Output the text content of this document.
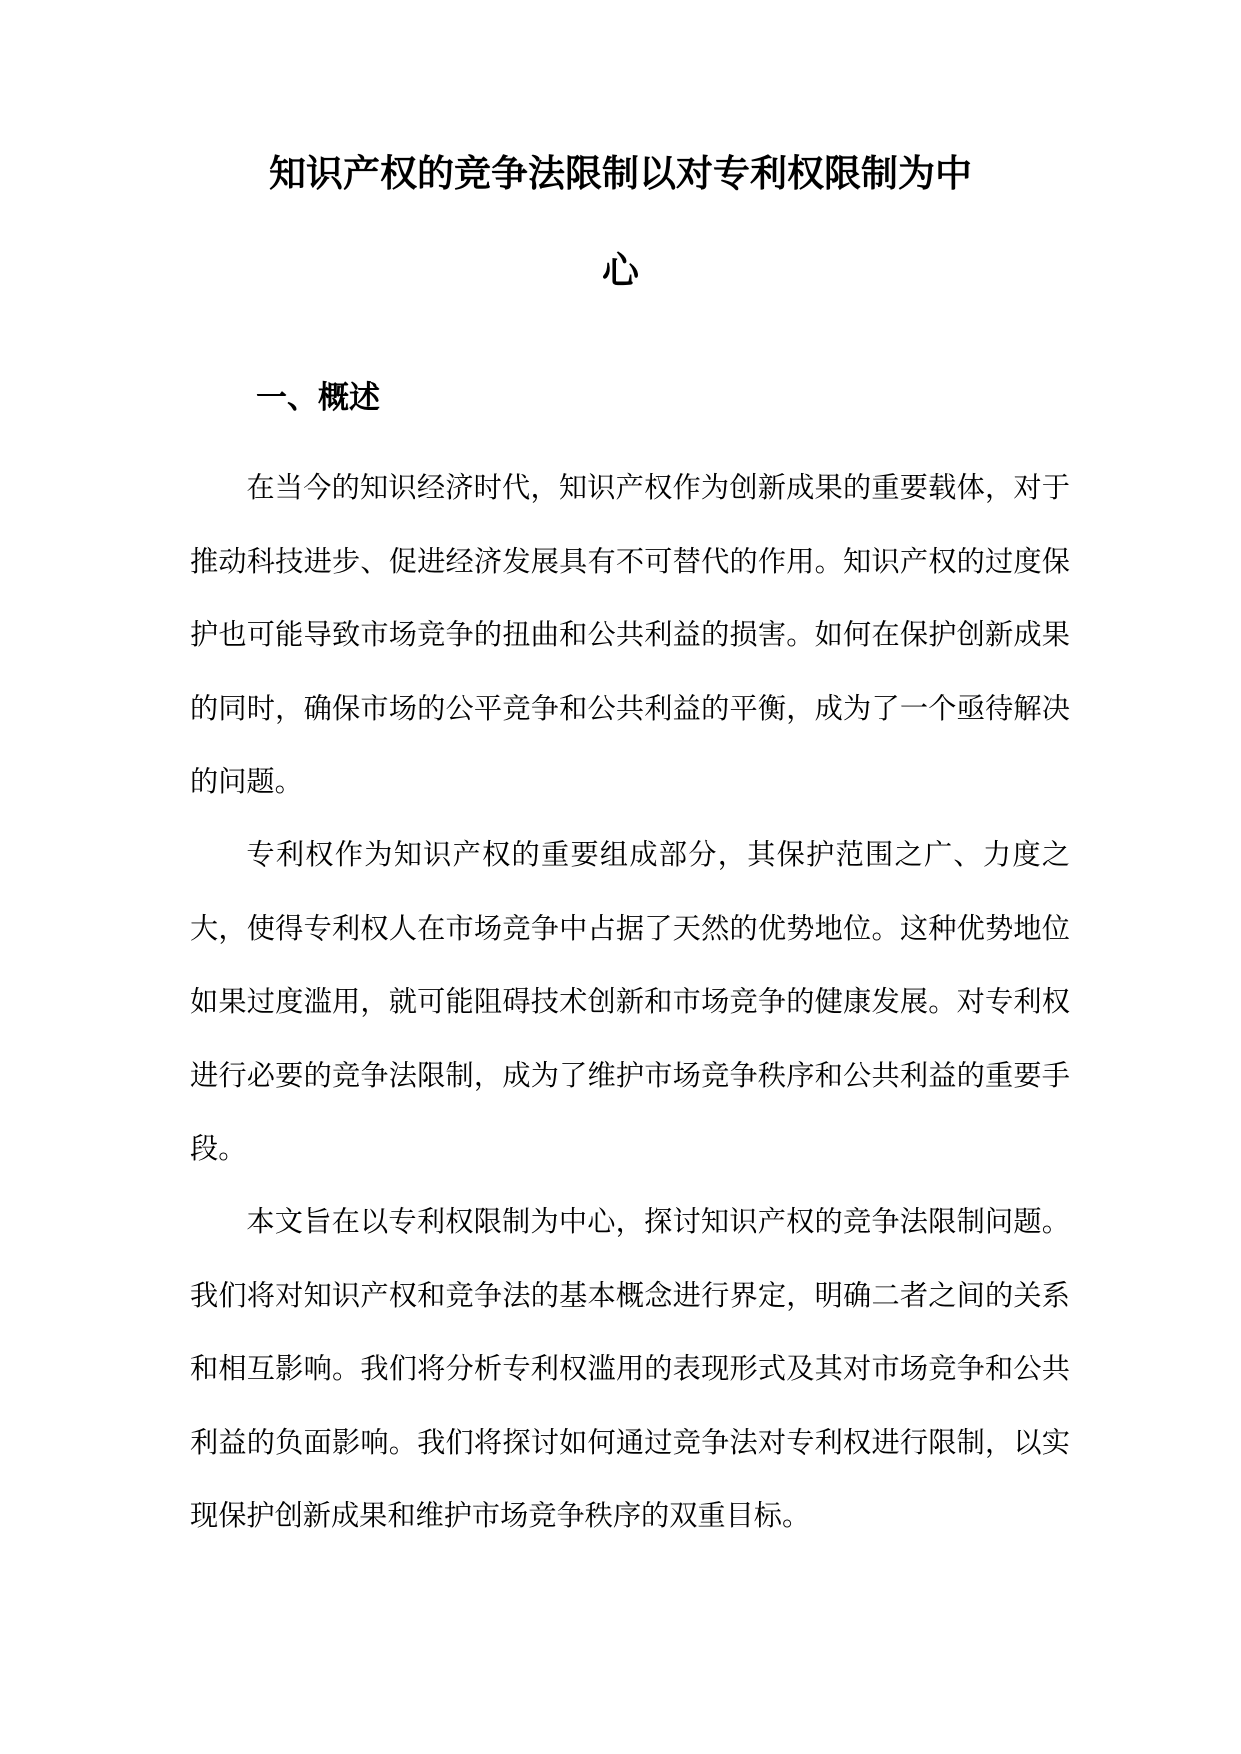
知识产权的竞争法限制以对专利权限制为中
心
一、概述

在当今的知识经济时代，知识产权作为创新成果的重要载体，对于推动科技进步、促进经济发展具有不可替代的作用。知识产权的过度保护也可能导致市场竞争的扭曲和公共利益的损害。如何在保护创新成果的同时，确保市场的公平竞争和公共利益的平衡，成为了一个亟待解决的问题。

专利权作为知识产权的重要组成部分，其保护范围之广、力度之大，使得专利权人在市场竞争中占据了天然的优势地位。这种优势地位如果过度滥用，就可能阻碍技术创新和市场竞争的健康发展。对专利权进行必要的竞争法限制，成为了维护市场竞争秩序和公共利益的重要手段。

本文旨在以专利权限制为中心，探讨知识产权的竞争法限制问题。我们将对知识产权和竞争法的基本概念进行界定，明确二者之间的关系和相互影响。我们将分析专利权滥用的表现形式及其对市场竞争和公共利益的负面影响。我们将探讨如何通过竞争法对专利权进行限制，以实现保护创新成果和维护市场竞争秩序的双重目标。
